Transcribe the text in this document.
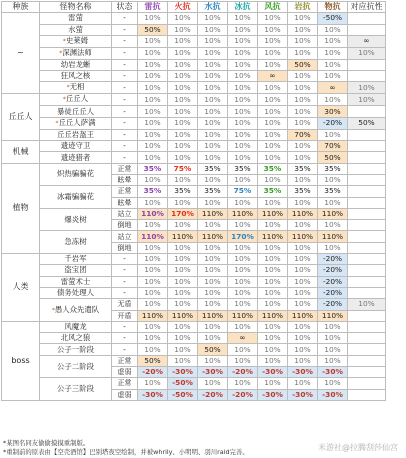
种族	怪物名称	状态	雷抗	火抗	水抗	冰抗	风抗	岩抗	物抗	对应抗性
~	雷萤	-	10%	10%	10%	10%	10%	10%	-50%	
	水萤	-	50%	10%	10%	10%	10%	10%	10%	
	*史莱姆	-	10%	10%	10%	10%	10%	10%	10%	∞
	*深渊法师	-	10%	10%	10%	10%	10%	10%	10%	10%
	幼岩龙蜥	-	10%	10%	10%	10%	10%	50%	10%	
	狂风之核	-	10%	10%	10%	10%	∞	10%	10%	
	*无相	-	10%	10%	10%	10%	10%	10%	∞	10%
丘丘人	*丘丘人	-	10%	10%	10%	10%	10%	10%	10%	10%
	暴徒丘丘人	-	10%	10%	10%	10%	10%	10%	30%	
	*丘丘人萨满	-	10%	10%	10%	10%	10%	10%	-20%	50%
	丘丘岩盔王	-	10%	10%	10%	10%	10%	70%	10%	
机械	遗迹守卫	-	10%	10%	10%	10%	10%	10%	70%	
	遗迹猎者	-	10%	10%	10%	10%	10%	10%	50%	
植物	炽热骗骗花	正常	35%	75%	35%	35%	35%	35%	35%	
		眩晕	10%	10%	10%	10%	10%	10%	10%	
	冰霜骗骗花	正常	35%	35%	35%	75%	35%	35%	35%	
		眩晕	10%	10%	10%	10%	10%	10%	10%	
	爆炎树	站立	110%	170%	110%	110%	110%	110%	110%	
		倒地	10%	10%	10%	10%	10%	10%	10%	
	急冻树	站立	110%	110%	110%	170%	110%	110%	110%	
		倒地	10%	10%	10%	10%	10%	10%	10%	
人类	千岩军	-	10%	10%	10%	10%	10%	10%	-20%	
	盗宝团	-	10%	10%	10%	10%	10%	10%	-20%	
	雷萤术士	-	10%	10%	10%	10%	10%	10%	-20%	
	债务处理人	-	10%	10%	10%	10%	10%	10%	-20%	
	*愚人众先遣队	无盾	10%	10%	10%	10%	10%	10%	-20%	10%
		开盾	110%	110%	110%	110%	110%	110%	110%	
boss	风魔龙	-	10%	10%	10%	10%	10%	10%	10%	
	北风之狼	-	10%	10%	10%	∞	10%	10%	10%	
	公子一阶段	-	10%	10%	50%	10%	10%	10%	10%	
	公子二阶段	正常	50%	10%	10%	10%	10%	10%	10%	
		虚弱	-20%	-30%	-30%	-20%	-30%	-30%	-30%	
	公子三阶段	正常	10%	-50%	10%	10%	10%	10%	10%	
		虚弱	-30%	-50%	-20%	-20%	-30%	-30%	-30%	
*某图名同友偷偷摸摸重制版。
*重制前的原表由【空壳酒馆】巴别塔夜空绘制，并被whrily、小明明、羽川raid完善。	米游社@拉腾刮莎仙宫
